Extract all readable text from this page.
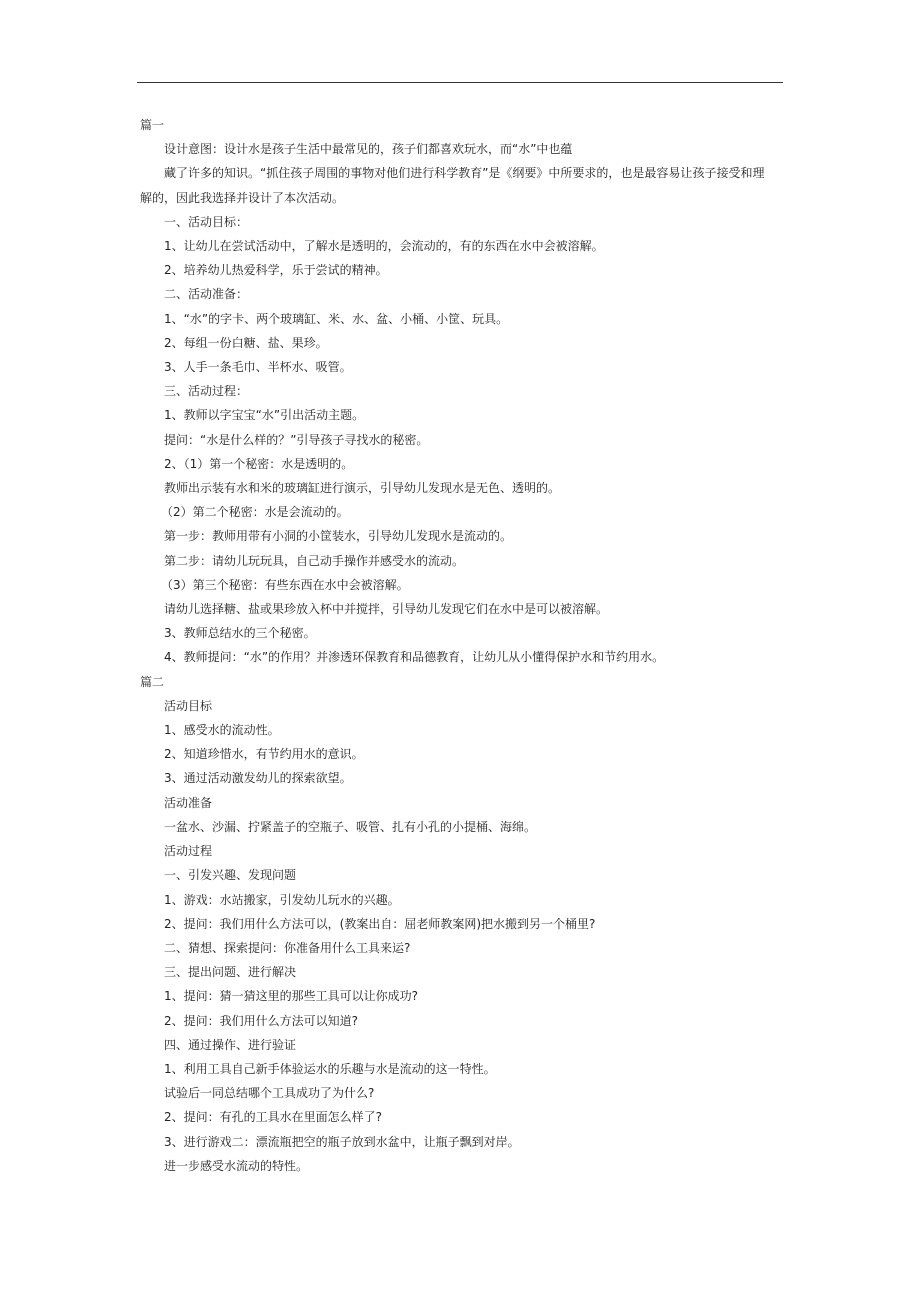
篇一
设计意图：设计水是孩子生活中最常见的，孩子们都喜欢玩水，而“水”中也蕴
藏了许多的知识。“抓住孩子周围的事物对他们进行科学教育”是《纲要》中所要求的，也是最容易让孩子接受和理
解的，因此我选择并设计了本次活动。
一、活动目标：
1、让幼儿在尝试活动中，了解水是透明的，会流动的，有的东西在水中会被溶解。
2、培养幼儿热爱科学，乐于尝试的精神。
二、活动准备：
1、“水”的字卡、两个玻璃缸、米、水、盆、小桶、小筐、玩具。
2、每组一份白糖、盐、果珍。
3、人手一条毛巾、半杯水、吸管。
三、活动过程：
1、教师以字宝宝“水”引出活动主题。
提问：“水是什么样的？”引导孩子寻找水的秘密。
2、（1）第一个秘密：水是透明的。
教师出示装有水和米的玻璃缸进行演示，引导幼儿发现水是无色、透明的。
（2）第二个秘密：水是会流动的。
第一步：教师用带有小洞的小筐装水，引导幼儿发现水是流动的。
第二步：请幼儿玩玩具，自己动手操作并感受水的流动。
（3）第三个秘密：有些东西在水中会被溶解。
请幼儿选择糖、盐或果珍放入杯中并搅拌，引导幼儿发现它们在水中是可以被溶解。
3、教师总结水的三个秘密。
4、教师提问：“水”的作用？并渗透环保教育和品德教育，让幼儿从小懂得保护水和节约用水。
篇二
活动目标
1、感受水的流动性。
2、知道珍惜水，有节约用水的意识。
3、通过活动激发幼儿的探索欲望。
活动准备
一盆水、沙漏、拧紧盖子的空瓶子、吸管、扎有小孔的小提桶、海绵。
活动过程
一、引发兴趣、发现问题
1、游戏：水站搬家，引发幼儿玩水的兴趣。
2、提问：我们用什么方法可以，(教案出自：屈老师教案网)把水搬到另一个桶里?
二、猜想、探索提问：你准备用什么工具来运?
三、提出问题、进行解决
1、提问：猜一猜这里的那些工具可以让你成功?
2、提问：我们用什么方法可以知道?
四、通过操作、进行验证
1、利用工具自己新手体验运水的乐趣与水是流动的这一特性。
试验后一同总结哪个工具成功了为什么?
2、提问：有孔的工具水在里面怎么样了?
3、进行游戏二：漂流瓶把空的瓶子放到水盆中，让瓶子飘到对岸。
进一步感受水流动的特性。
